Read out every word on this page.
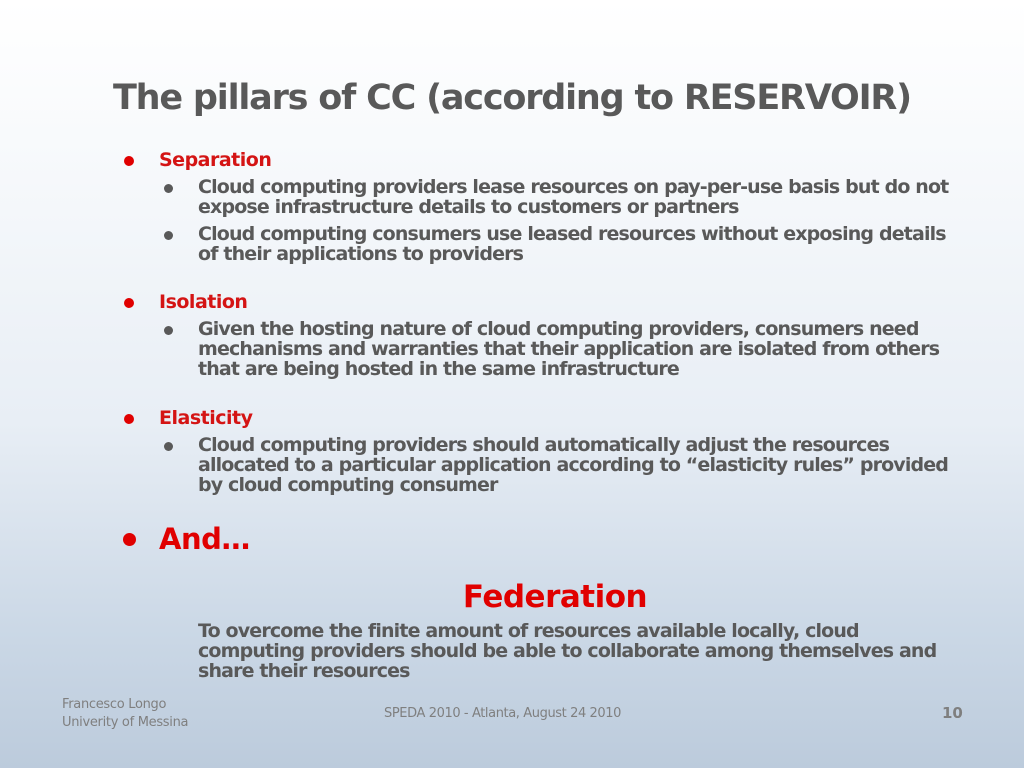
The pillars of CC (according to RESERVOIR)
Separation
Cloud computing providers lease resources on pay-per-use basis but do not
expose infrastructure details to customers or partners
Cloud computing consumers use leased resources without exposing details
of their applications to providers
Isolation
Given the hosting nature of cloud computing providers, consumers need
mechanisms and warranties that their application are isolated from others
that are being hosted in the same infrastructure
Elasticity
Cloud computing providers should automatically adjust the resources
allocated to a particular application according to “elasticity rules” provided
by cloud computing consumer
And…
Federation
To overcome the finite amount of resources available locally, cloud
computing providers should be able to collaborate among themselves and
share their resources
Francesco Longo
Univerity of Messina
SPEDA 2010 - Atlanta, August 24 2010	10
